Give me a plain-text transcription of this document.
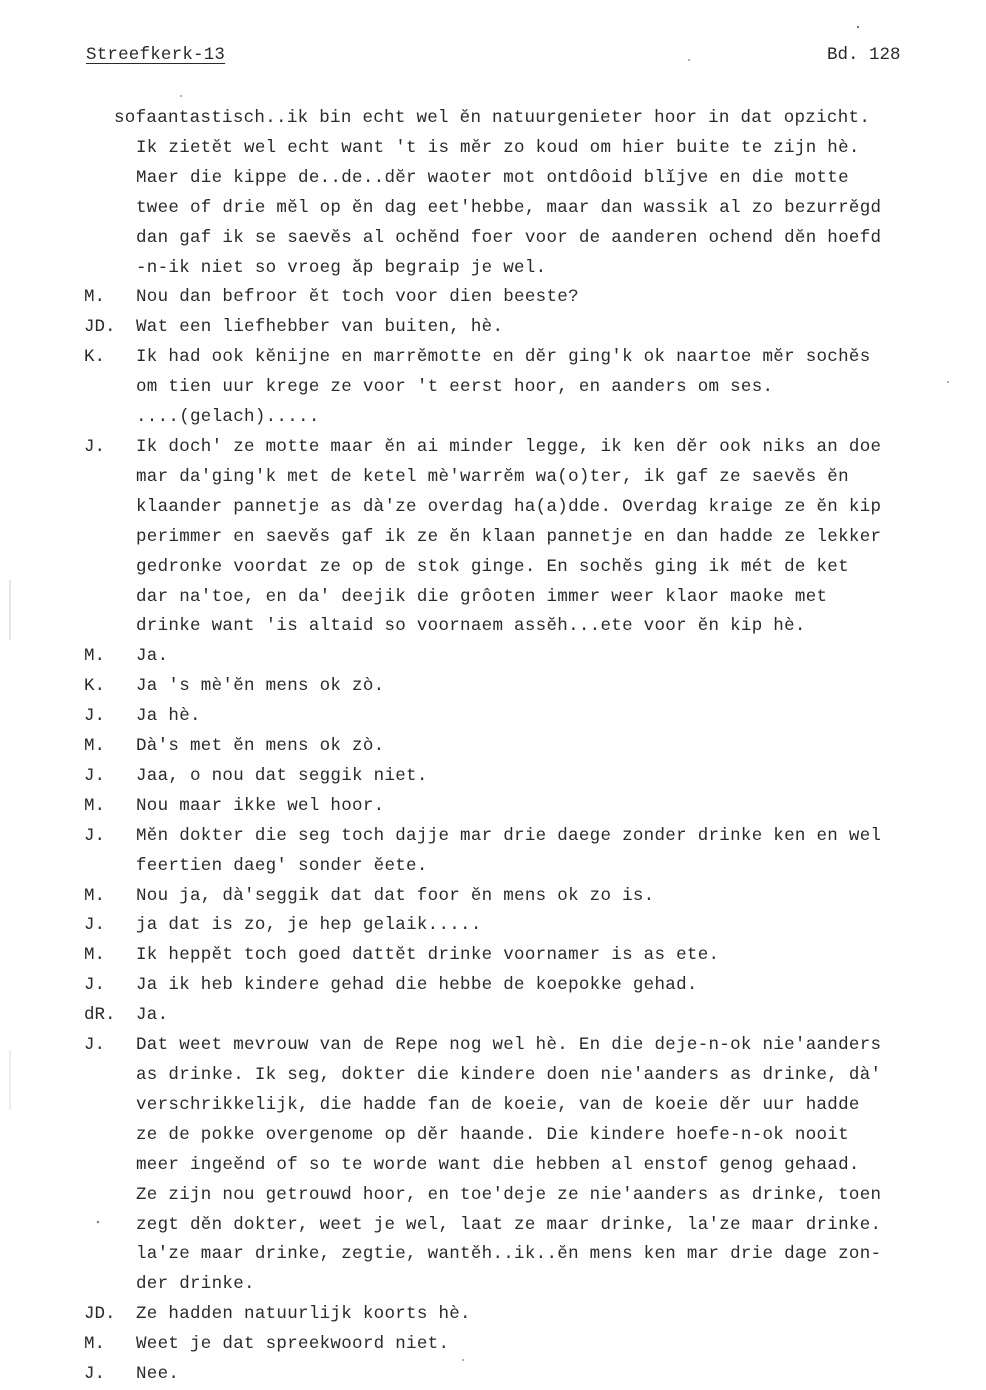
Streefkerk-13	Bd. 128
sofaantastisch..ik bin echt wel ĕn natuurgenieter hoor in dat opzicht.
Ik zietĕt wel echt want 't is mĕr zo koud om hier buite te zijn hè.
Maer die kippe de..de..dĕr waoter mot ontdôoid blĭjve en die motte
twee of drie mĕl op ĕn dag eet'hebbe, maar dan wassik al zo bezurrĕgd
dan gaf ik se saevĕs al ochĕnd foer voor de aanderen ochend dĕn hoefd
-n-ik niet so vroeg ăp begraip je wel.
M.	Nou dan befroor ĕt toch voor dien beeste?
JD.	Wat een liefhebber van buiten, hè.
K.	Ik had ook kĕnijne en marrĕmotte en dĕr ging'k ok naartoe mĕr sochĕs
om tien uur krege ze voor 't eerst hoor, en aanders om ses.
....(gelach).....
J.	Ik doch' ze motte maar ĕn ai minder legge, ik ken dĕr ook niks an doe
mar da'ging'k met de ketel mè'warrĕm wa(o)ter, ik gaf ze saevĕs ĕn
klaander pannetje as dà'ze overdag ha(a)dde. Overdag kraige ze ĕn kip
perimmer en saevĕs gaf ik ze ĕn klaan pannetje en dan hadde ze lekker
gedronke voordat ze op de stok ginge. En sochĕs ging ik mét de ket
dar na'toe, en da' deejik die grôoten immer weer klaor maoke met
drinke want 'is altaid so voornaem assĕh...ete voor ĕn kip hè.
M.	Ja.
K.	Ja 's mè'ĕn mens ok zò.
J.	Ja hè.
M.	Dà's met ĕn mens ok zò.
J.	Jaa, o nou dat seggik niet.
M.	Nou maar ikke wel hoor.
J.	Mĕn dokter die seg toch dajje mar drie daege zonder drinke ken en wel
feertien daeg' sonder ĕete.
M.	Nou ja, dà'seggik dat dat foor ĕn mens ok zo is.
J.	ja dat is zo, je hep gelaik.....
M.	Ik heppĕt toch goed dattĕt drinke voornamer is as ete.
J.	Ja ik heb kindere gehad die hebbe de koepokke gehad.
dR.	Ja.
J.	Dat weet mevrouw van de Repe nog wel hè. En die deje-n-ok nie'aanders
as drinke. Ik seg, dokter die kindere doen nie'aanders as drinke, dà'
verschrikkelijk, die hadde fan de koeie, van de koeie dĕr uur hadde
ze de pokke overgenome op dĕr haande. Die kindere hoefe-n-ok nooit
meer ingeĕnd of so te worde want die hebben al enstof genog gehaad.
Ze zijn nou getrouwd hoor, en toe'deje ze nie'aanders as drinke, toen
zegt dĕn dokter, weet je wel, laat ze maar drinke, la'ze maar drinke.
la'ze maar drinke, zegtie, wantĕh..ik..ĕn mens ken mar drie dage zon-
der drinke.
JD.	Ze hadden natuurlijk koorts hè.
M.	Weet je dat spreekwoord niet.
J.	Nee.
